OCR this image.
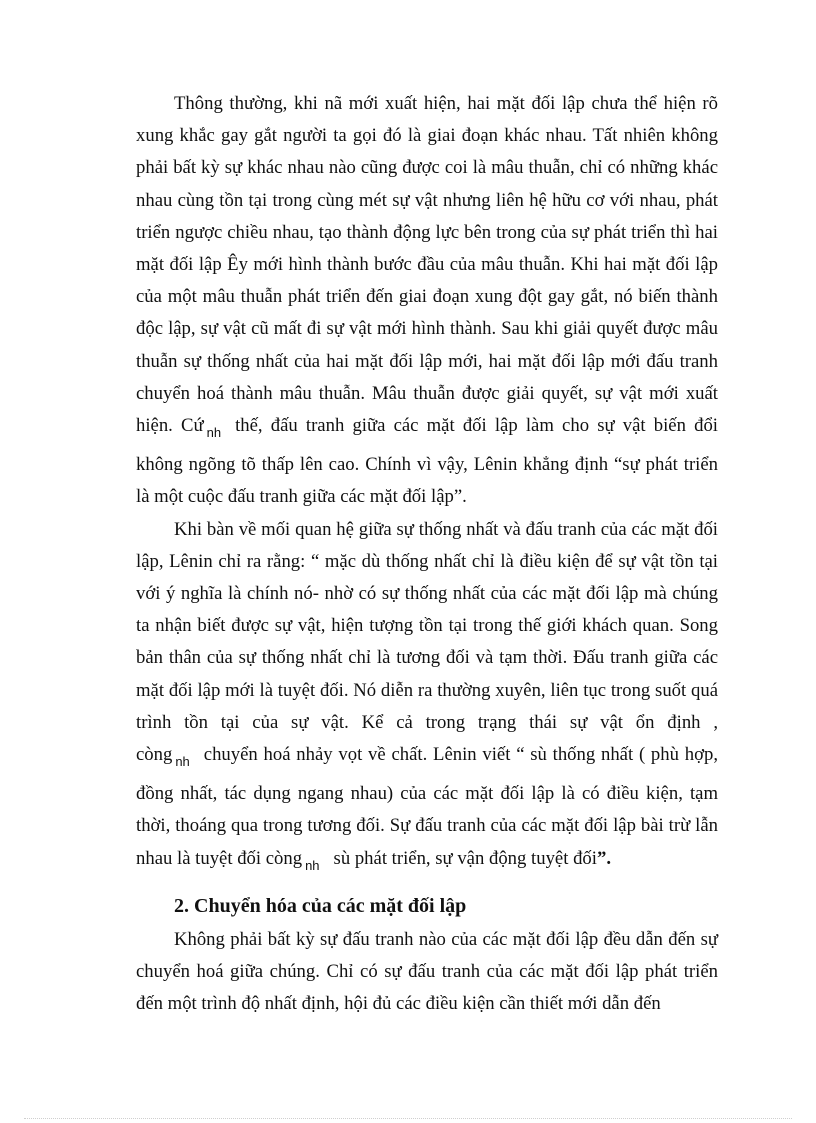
Thông thường, khi nã mới xuất hiện, hai mặt đối lập chưa thể hiện rõ xung khắc gay gắt người ta gọi đó là giai đoạn khác nhau. Tất nhiên không phải bất kỳ sự khác nhau nào cũng được coi là mâu thuẫn, chỉ có những khác nhau cùng tồn tại trong cùng mét sự vật nhưng liên hệ hữu cơ với nhau, phát triển ngược chiều nhau, tạo thành động lực bên trong của sự phát triển thì hai mặt đối lập Êy mới hình thành bước đầu của mâu thuẫn. Khi hai mặt đối lập của một mâu thuẫn phát triển đến giai đoạn xung đột gay gắt, nó biến thành độc lập, sự vật cũ mất đi sự vật mới hình thành. Sau khi giải quyết được mâu thuẫn sự thống nhất của hai mặt đối lập mới, hai mặt đối lập mới đấu tranh chuyển hoá thành mâu thuẫn. Mâu thuẫn được giải quyết, sự vật mới xuất hiện. Cứ $_{nh}$ thế, đấu tranh giữa các mặt đối lập làm cho sự vật biến đổi không ngõng tõ thấp lên cao. Chính vì vậy, Lênin khẳng định “sự phát triển là một cuộc đấu tranh giữa các mặt đối lập”.

Khi bàn về mối quan hệ giữa sự thống nhất và đấu tranh của các mặt đối lập, Lênin chỉ ra rằng: “ mặc dù thống nhất chỉ là điều kiện để sự vật tồn tại với ý nghĩa là chính nó- nhờ có sự thống nhất của các mặt đối lập mà chúng ta nhận biết được sự vật, hiện tượng tồn tại trong thế giới khách quan. Song bản thân của sự thống nhất chỉ là tương đối và tạm thời. Đấu tranh giữa các mặt đối lập mới là tuyệt đối. Nó diễn ra thường xuyên, liên tục trong suốt quá trình tồn tại của sự vật. Kể cả trong trạng thái sự vật ổn định , còng $_{nh}$ chuyển hoá nhảy vọt về chất. Lênin viết “ sù thống nhất ( phù hợp, đồng nhất, tác dụng ngang nhau) của các mặt đối lập là có điều kiện, tạm thời, thoáng qua trong tương đối. Sự đấu tranh của các mặt đối lập bài trừ lẫn nhau là tuyệt đối còng $_{nh}$ sù phát triển, sự vận động tuyệt đối”.

2. Chuyển hóa của các mặt đối lập

Không phải bất kỳ sự đấu tranh nào của các mặt đối lập đều dẫn đến sự chuyển hoá giữa chúng. Chỉ có sự đấu tranh của các mặt đối lập phát triển đến một trình độ nhất định, hội đủ các điều kiện cần thiết mới dẫn đến
